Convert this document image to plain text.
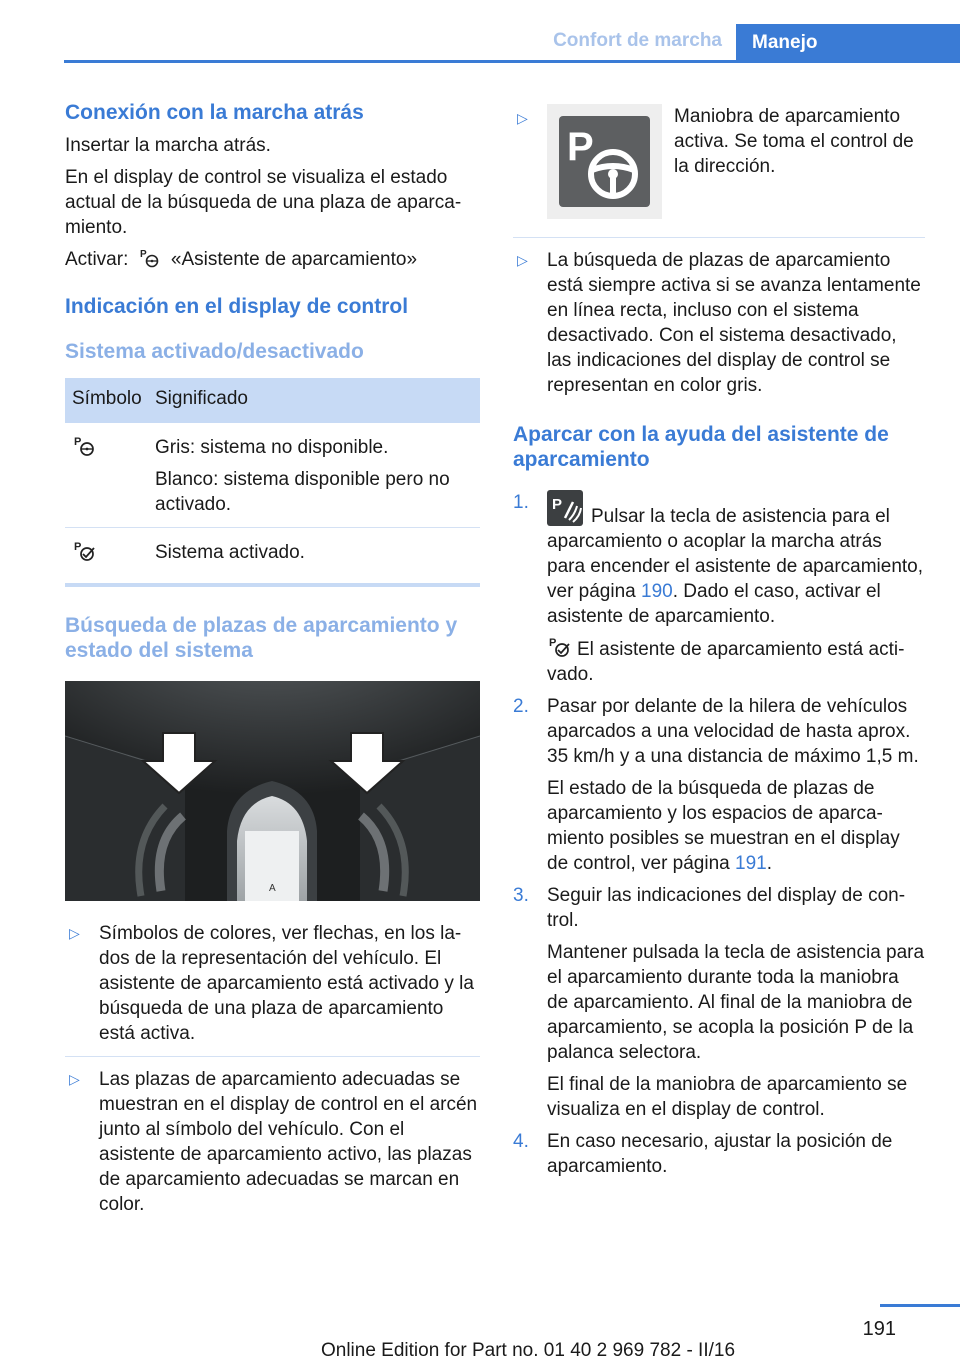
Confort de marcha	Manejo
Conexión con la marcha atrás

Insertar la marcha atrás.

En el display de control se visualiza el estado actual de la búsqueda de una plaza de aparcamiento.

Activar: P «Asistente de aparcamiento»

Indicación en el display de control
Sistema activado/desactivado
Símbolo	Significado

P	Gris: sistema no disponible.

Blanco: sistema disponible pero no activado.

P	Sistema activado.
Búsqueda de plazas de aparcamiento y estado del sistema
A
▷ Símbolos de colores, ver flechas, en los lados de la representación del vehículo. El asistente de aparcamiento está activado y la búsqueda de una plaza de aparcamiento está activa.
▷ Las plazas de aparcamiento adecuadas se muestran en el display de control en el arcén junto al símbolo del vehículo. Con el asistente de aparcamiento activo, las plazas de aparcamiento adecuadas se marcan en color.
▷
P
Maniobra de aparcamiento activa. Se toma el control de la dirección.
▷ La búsqueda de plazas de aparcamiento está siempre activa si se avanza lentamente en línea recta, incluso con el sistema desactivado. Con el sistema desactivado, las indicaciones del display de control se representan en color gris.
Aparcar con la ayuda del asistente de aparcamiento
1. P
Pulsar la tecla de asistencia para el aparcamiento o acoplar la marcha atrás para encender el asistente de aparcamiento, ver página 190. Dado el caso, activar el asistente de aparcamiento.

P El asistente de aparcamiento está activado.

2. Pasar por delante de la hilera de vehículos aparcados a una velocidad de hasta aprox. 35 km/h y a una distancia de máximo 1,5 m.

El estado de la búsqueda de plazas de aparcamiento y los espacios de aparcamiento posibles se muestran en el display de control, ver página 191.

3. Seguir las indicaciones del display de control.

Mantener pulsada la tecla de asistencia para el aparcamiento durante toda la maniobra de aparcamiento. Al final de la maniobra de aparcamiento, se acopla la posición P de la palanca selectora.

El final de la maniobra de aparcamiento se visualiza en el display de control.

4. En caso necesario, ajustar la posición de aparcamiento.

191
Online Edition for Part no. 01 40 2 969 782 - II/16
